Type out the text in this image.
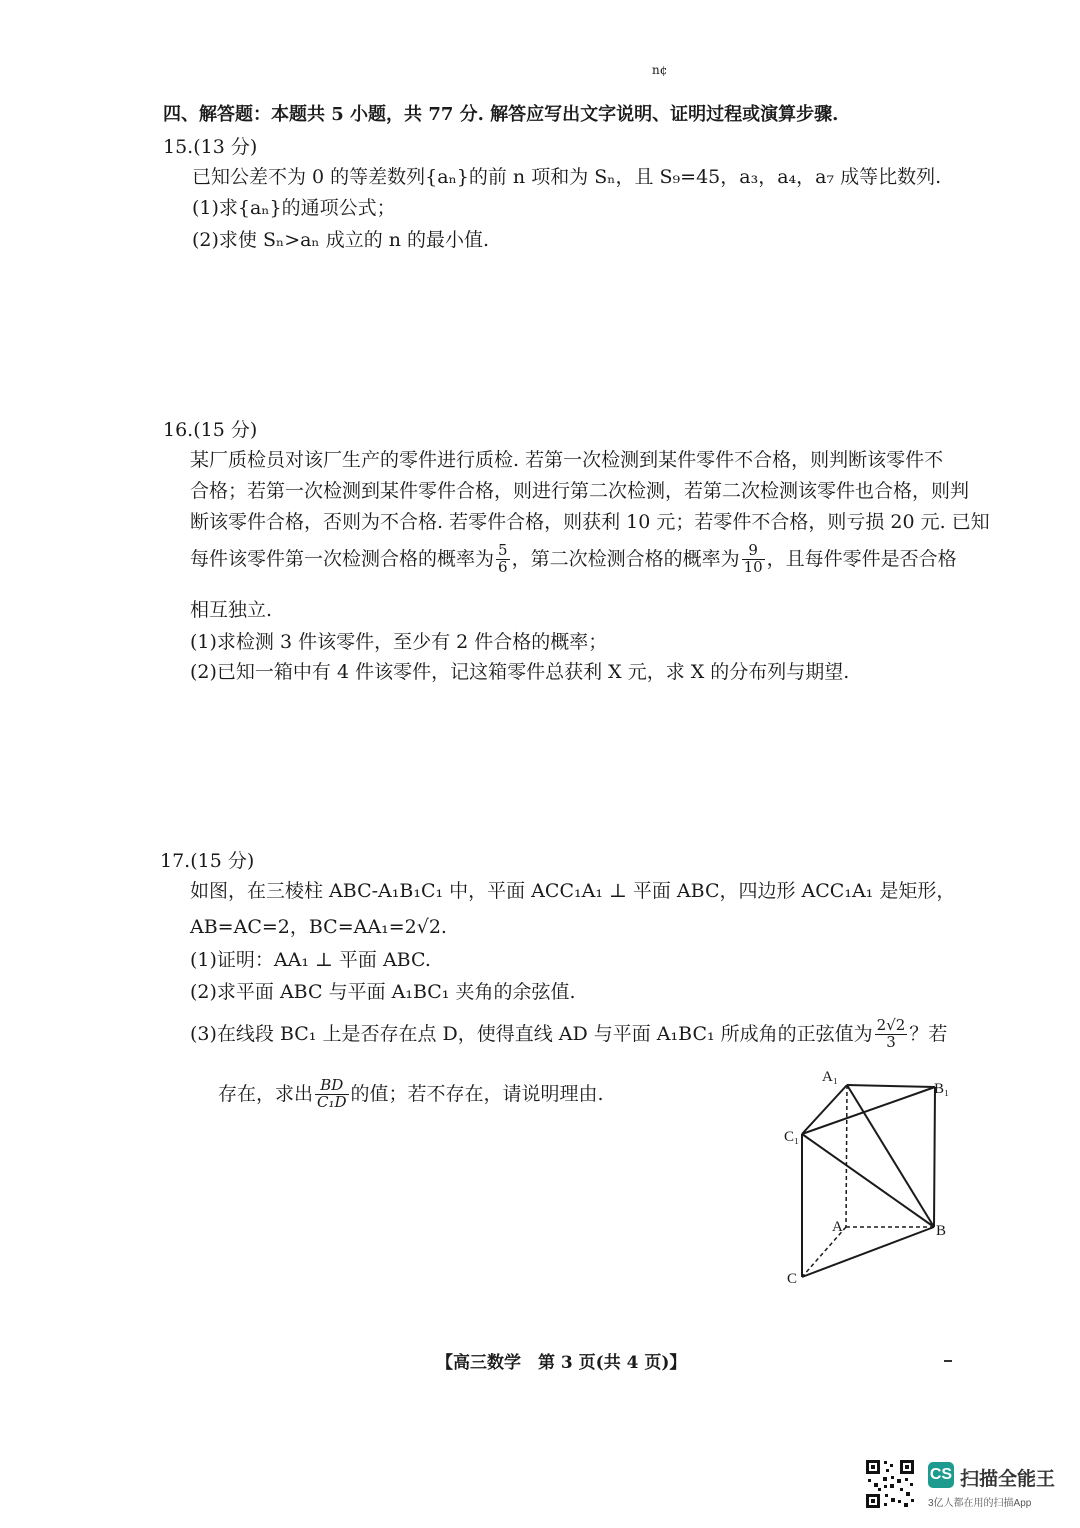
n¢
四、解答题：本题共 5 小题，共 77 分. 解答应写出文字说明、证明过程或演算步骤.
15.(13 分)
已知公差不为 0 的等差数列{aₙ}的前 n 项和为 Sₙ，且 S₉=45，a₃，a₄，a₇ 成等比数列.
(1)求{aₙ}的通项公式；
(2)求使 Sₙ>aₙ 成立的 n 的最小值.
16.(15 分)
某厂质检员对该厂生产的零件进行质检. 若第一次检测到某件零件不合格，则判断该零件不
合格；若第一次检测到某件零件合格，则进行第二次检测，若第二次检测该零件也合格，则判
断该零件合格，否则为不合格. 若零件合格，则获利 10 元；若零件不合格，则亏损 20 元. 已知
每件该零件第一次检测合格的概率为 $\frac{5}{6}$ ，第二次检测合格的概率为 $\frac{9}{10}$ ，且每件零件是否合格
相互独立.
(1)求检测 3 件该零件，至少有 2 件合格的概率；
(2)已知一箱中有 4 件该零件，记这箱零件总获利 X 元，求 X 的分布列与期望.
17.(15 分)
如图，在三棱柱 ABC-A₁B₁C₁ 中，平面 ACC₁A₁ ⊥ 平面 ABC，四边形 ACC₁A₁ 是矩形，
AB=AC=2，BC=AA₁=2√2.
(1)证明：AA₁ ⊥ 平面 ABC.
(2)求平面 ABC 与平面 A₁BC₁ 夹角的余弦值.
(3)在线段 BC₁ 上是否存在点 D，使得直线 AD 与平面 A₁BC₁ 所成角的正弦值为 $\frac{2√2}{3}$ ？若
存在，求出 $\frac{BD}{\text{C₁D}}$ 的值；若不存在，请说明理由.
A₁
B₁
C₁
A	B
C
【高三数学　第 3 页(共 4 页)】
CS 扫描全能王
3亿人都在用的扫描App
